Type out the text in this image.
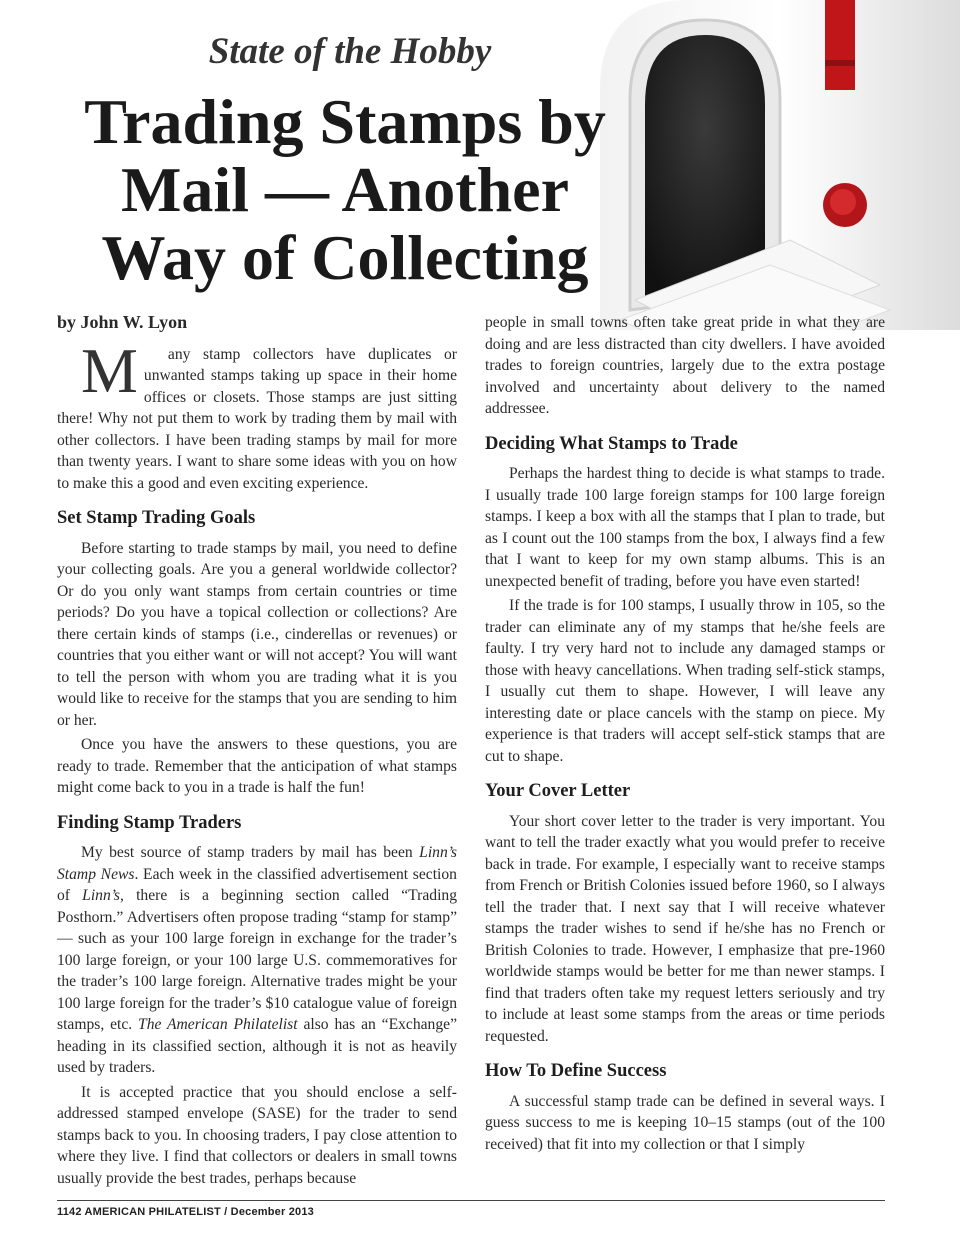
State of the Hobby
Trading Stamps by
Mail — Another
Way of Collecting
by John W. Lyon

M any stamp collectors have duplicates or unwanted stamps taking up space in their home offices or closets. Those stamps are just sitting there! Why not put them to work by trading them by mail with other collectors. I have been trading stamps by mail for more than twenty years. I want to share some ideas with you on how to make this a good and even exciting experience.

Set Stamp Trading Goals

Before starting to trade stamps by mail, you need to define your collecting goals. Are you a general worldwide collector? Or do you only want stamps from certain countries or time periods? Do you have a topical collection or collections? Are there certain kinds of stamps (i.e., cinderellas or revenues) or countries that you either want or will not accept? You will want to tell the person with whom you are trading what it is you would like to receive for the stamps that you are sending to him or her.

Once you have the answers to these questions, you are ready to trade. Remember that the anticipation of what stamps might come back to you in a trade is half the fun!

Finding Stamp Traders

My best source of stamp traders by mail has been Linn’s Stamp News. Each week in the classified advertisement section of Linn’s, there is a beginning section called “Trading Posthorn.” Advertisers often propose trading “stamp for stamp” — such as your 100 large foreign in exchange for the trader’s 100 large foreign, or your 100 large U.S. commemoratives for the trader’s 100 large foreign. Alternative trades might be your 100 large foreign for the trader’s $10 catalogue value of foreign stamps, etc. The American Philatelist also has an “Exchange” heading in its classified section, although it is not as heavily used by traders.

It is accepted practice that you should enclose a self-addressed stamped envelope (SASE) for the trader to send stamps back to you. In choosing traders, I pay close attention to where they live. I find that collectors or dealers in small towns usually provide the best trades, perhaps because

people in small towns often take great pride in what they are doing and are less distracted than city dwellers. I have avoided trades to foreign countries, largely due to the extra postage involved and uncertainty about delivery to the named addressee.

Deciding What Stamps to Trade

Perhaps the hardest thing to decide is what stamps to trade. I usually trade 100 large foreign stamps for 100 large foreign stamps. I keep a box with all the stamps that I plan to trade, but as I count out the 100 stamps from the box, I always find a few that I want to keep for my own stamp albums. This is an unexpected benefit of trading, before you have even started!

If the trade is for 100 stamps, I usually throw in 105, so the trader can eliminate any of my stamps that he/she feels are faulty. I try very hard not to include any damaged stamps or those with heavy cancellations. When trading self-stick stamps, I usually cut them to shape. However, I will leave any interesting date or place cancels with the stamp on piece. My experience is that traders will accept self-stick stamps that are cut to shape.

Your Cover Letter

Your short cover letter to the trader is very important. You want to tell the trader exactly what you would prefer to receive back in trade. For example, I especially want to receive stamps from French or British Colonies issued before 1960, so I always tell the trader that. I next say that I will receive whatever stamps the trader wishes to send if he/she has no French or British Colonies to trade. However, I emphasize that pre-1960 worldwide stamps would be better for me than newer stamps. I find that traders often take my request letters seriously and try to include at least some stamps from the areas or time periods requested.

How To Define Success

A successful stamp trade can be defined in several ways. I guess success to me is keeping 10–15 stamps (out of the 100 received) that fit into my collection or that I simply

1142 AMERICAN PHILATELIST / December 2013
